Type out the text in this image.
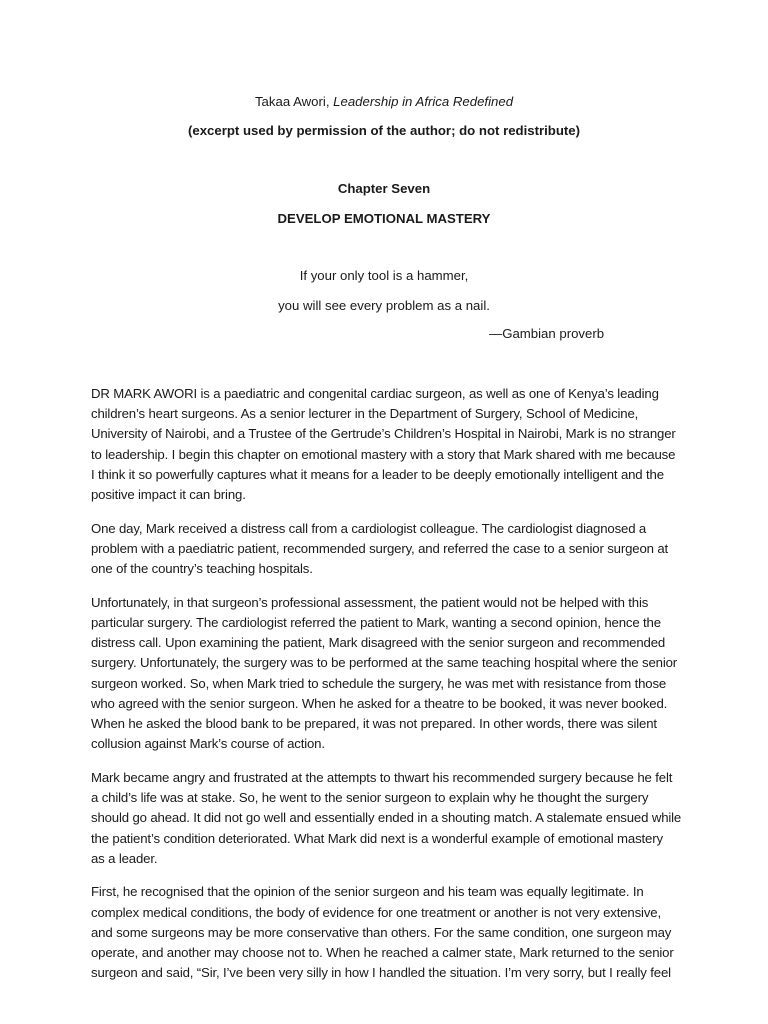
Takaa Awori, Leadership in Africa Redefined
(excerpt used by permission of the author; do not redistribute)
Chapter Seven
DEVELOP EMOTIONAL MASTERY
If your only tool is a hammer,
you will see every problem as a nail.
—Gambian proverb

DR MARK AWORI is a paediatric and congenital cardiac surgeon, as well as one of Kenya’s leading
children’s heart surgeons. As a senior lecturer in the Department of Surgery, School of Medicine,
University of Nairobi, and a Trustee of the Gertrude’s Children’s Hospital in Nairobi, Mark is no stranger
to leadership. I begin this chapter on emotional mastery with a story that Mark shared with me because
I think it so powerfully captures what it means for a leader to be deeply emotionally intelligent and the
positive impact it can bring.

One day, Mark received a distress call from a cardiologist colleague. The cardiologist diagnosed a
problem with a paediatric patient, recommended surgery, and referred the case to a senior surgeon at
one of the country’s teaching hospitals.

Unfortunately, in that surgeon’s professional assessment, the patient would not be helped with this
particular surgery. The cardiologist referred the patient to Mark, wanting a second opinion, hence the
distress call. Upon examining the patient, Mark disagreed with the senior surgeon and recommended
surgery. Unfortunately, the surgery was to be performed at the same teaching hospital where the senior
surgeon worked. So, when Mark tried to schedule the surgery, he was met with resistance from those
who agreed with the senior surgeon. When he asked for a theatre to be booked, it was never booked.
When he asked the blood bank to be prepared, it was not prepared. In other words, there was silent
collusion against Mark’s course of action.

Mark became angry and frustrated at the attempts to thwart his recommended surgery because he felt
a child’s life was at stake. So, he went to the senior surgeon to explain why he thought the surgery
should go ahead. It did not go well and essentially ended in a shouting match. A stalemate ensued while
the patient’s condition deteriorated. What Mark did next is a wonderful example of emotional mastery
as a leader.

First, he recognised that the opinion of the senior surgeon and his team was equally legitimate. In
complex medical conditions, the body of evidence for one treatment or another is not very extensive,
and some surgeons may be more conservative than others. For the same condition, one surgeon may
operate, and another may choose not to. When he reached a calmer state, Mark returned to the senior
surgeon and said, “Sir, I’ve been very silly in how I handled the situation. I’m very sorry, but I really feel
